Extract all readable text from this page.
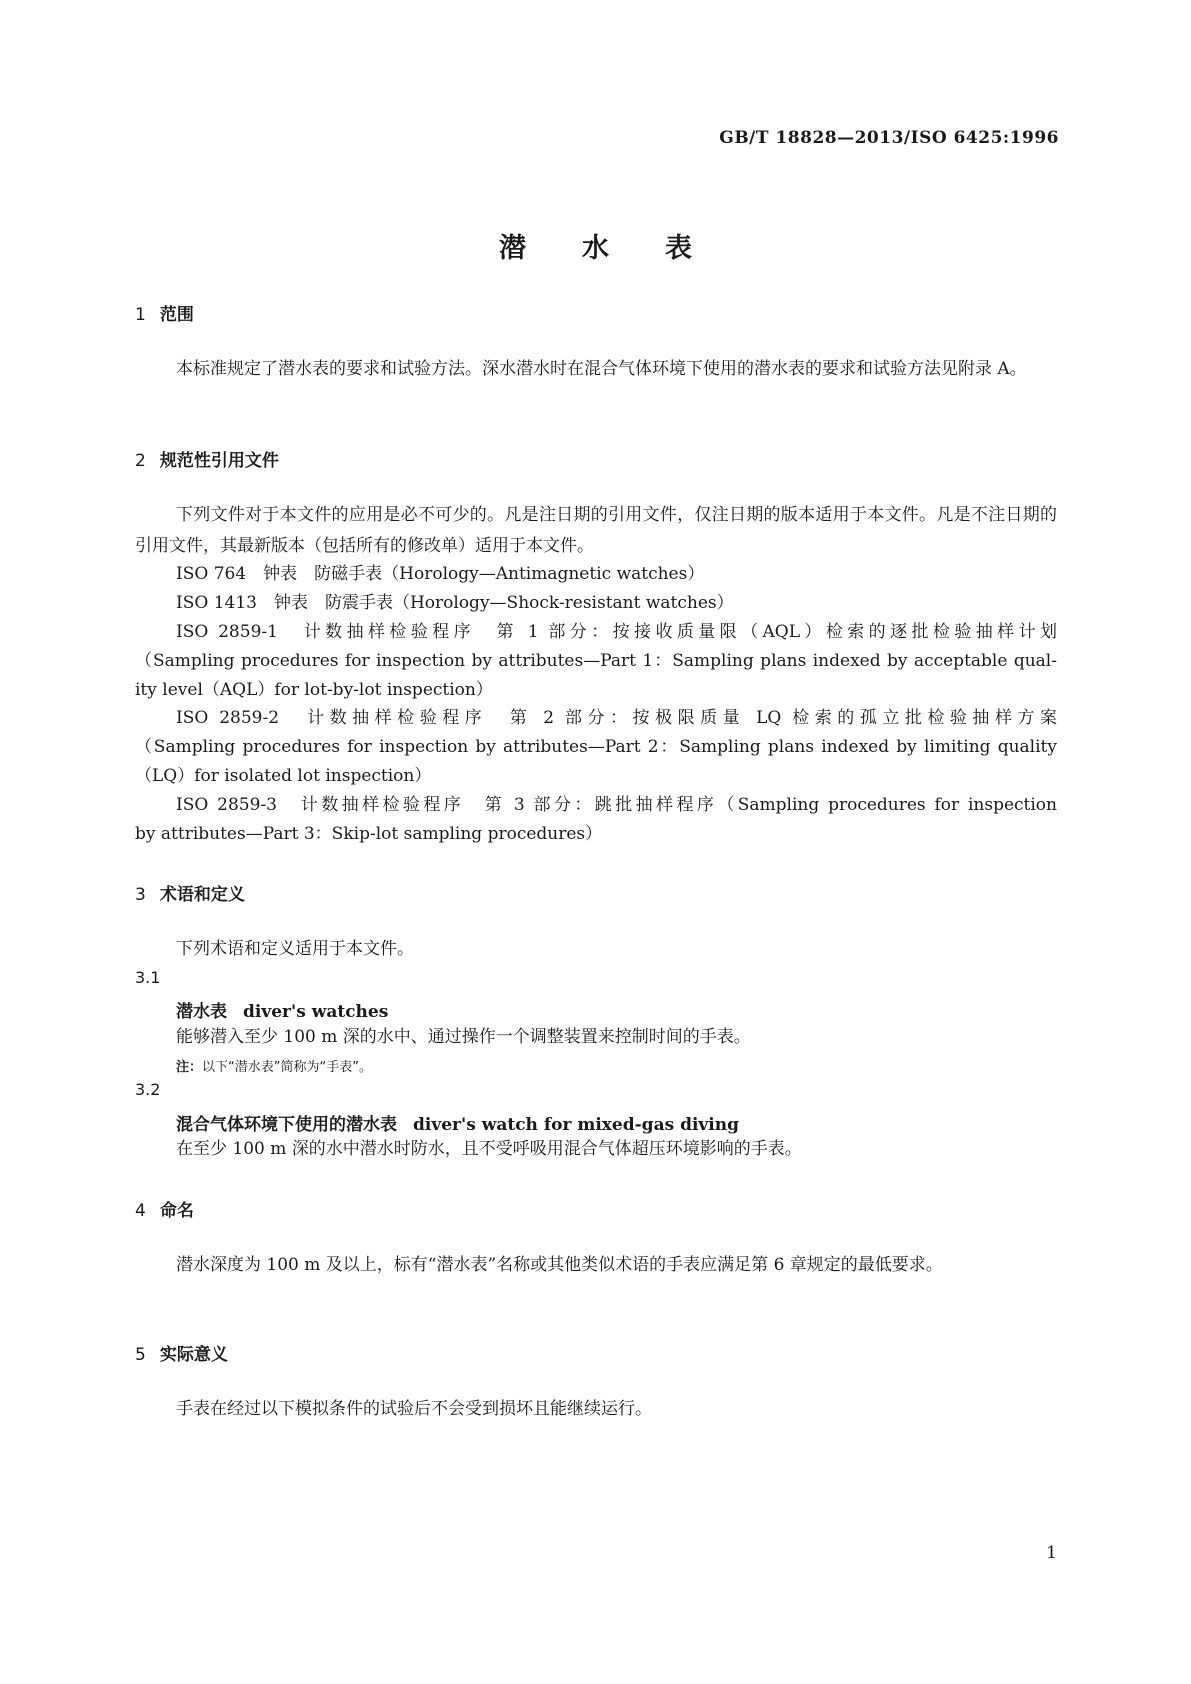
GB/T 18828—2013/ISO 6425:1996
潜 水 表
1 范围
本标准规定了潜水表的要求和试验方法。深水潜水时在混合气体环境下使用的潜水表的要求和试验方法见附录 A。
2 规范性引用文件
下列文件对于本文件的应用是必不可少的。凡是注日期的引用文件，仅注日期的版本适用于本文件。凡是不注日期的引用文件，其最新版本（包括所有的修改单）适用于本文件。
ISO 764　钟表　防磁手表（Horology—Antimagnetic watches）
ISO 1413　钟表　防震手表（Horology—Shock-resistant watches）
ISO 2859-1　计数抽样检验程序　第 1 部分：按接收质量限（AQL）检索的逐批检验抽样计划
（Sampling procedures for inspection by attributes—Part 1：Sampling plans indexed by acceptable qual-
ity level（AQL）for lot-by-lot inspection）
ISO 2859-2　计数抽样检验程序　第 2 部分：按极限质量 LQ 检索的孤立批检验抽样方案
（Sampling procedures for inspection by attributes—Part 2：Sampling plans indexed by limiting quality
（LQ）for isolated lot inspection）
ISO 2859-3　计数抽样检验程序　第 3 部分：跳批抽样程序（Sampling procedures for inspection
by attributes—Part 3：Skip-lot sampling procedures）
3 术语和定义
下列术语和定义适用于本文件。
3.1
潜水表 diver's watches
能够潜入至少 100 m 深的水中、通过操作一个调整装置来控制时间的手表。
注：以下“潜水表”简称为“手表”。
3.2
混合气体环境下使用的潜水表 diver's watch for mixed-gas diving
在至少 100 m 深的水中潜水时防水，且不受呼吸用混合气体超压环境影响的手表。
4 命名
潜水深度为 100 m 及以上，标有“潜水表”名称或其他类似术语的手表应满足第 6 章规定的最低要求。
5 实际意义
手表在经过以下模拟条件的试验后不会受到损坏且能继续运行。
1
